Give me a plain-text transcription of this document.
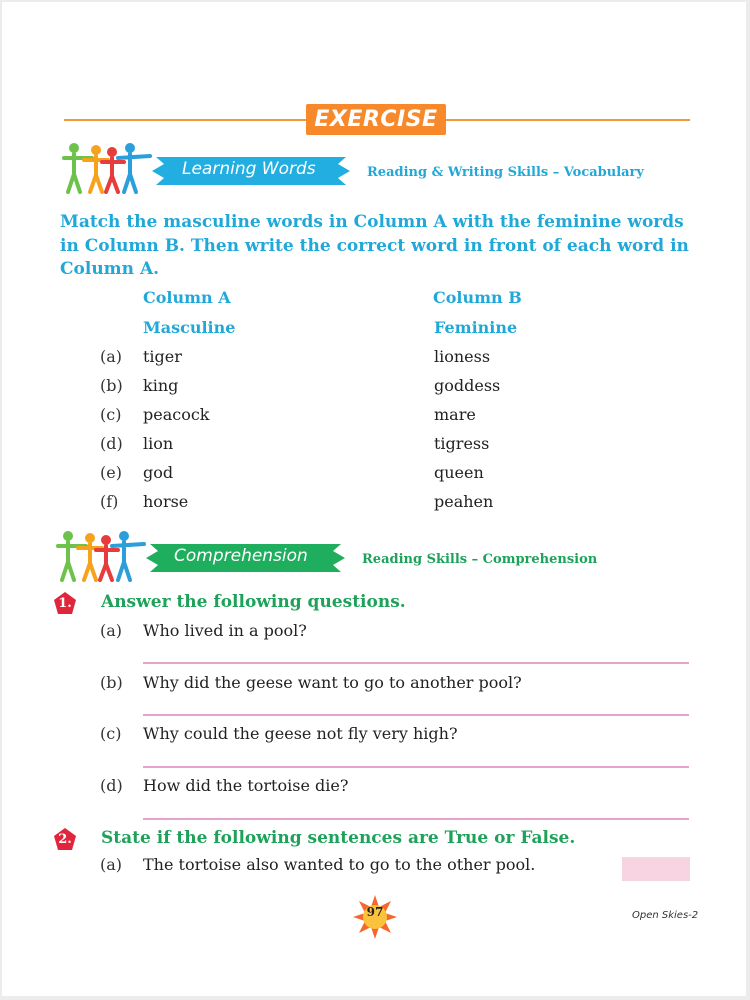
EXERCISE
Learning Words	Reading & Writing Skills – Vocabulary
Match the masculine words in Column A with the feminine words in Column B. Then write the correct word in front of each word in Column A.
Column A	Column B
Masculine	Feminine
(a) tiger	lioness
(b) king	goddess
(c) peacock	mare
(d) lion	tigress
(e) god	queen
(f) horse	peahen
Comprehension	Reading Skills – Comprehension
1.	Answer the following questions.
(a) Who lived in a pool?
(b) Why did the geese want to go to another pool?
(c) Why could the geese not fly very high?
(d) How did the tortoise die?
2.	State if the following sentences are True or False.
(a) The tortoise also wanted to go to the other pool.
97	Open Skies-2
